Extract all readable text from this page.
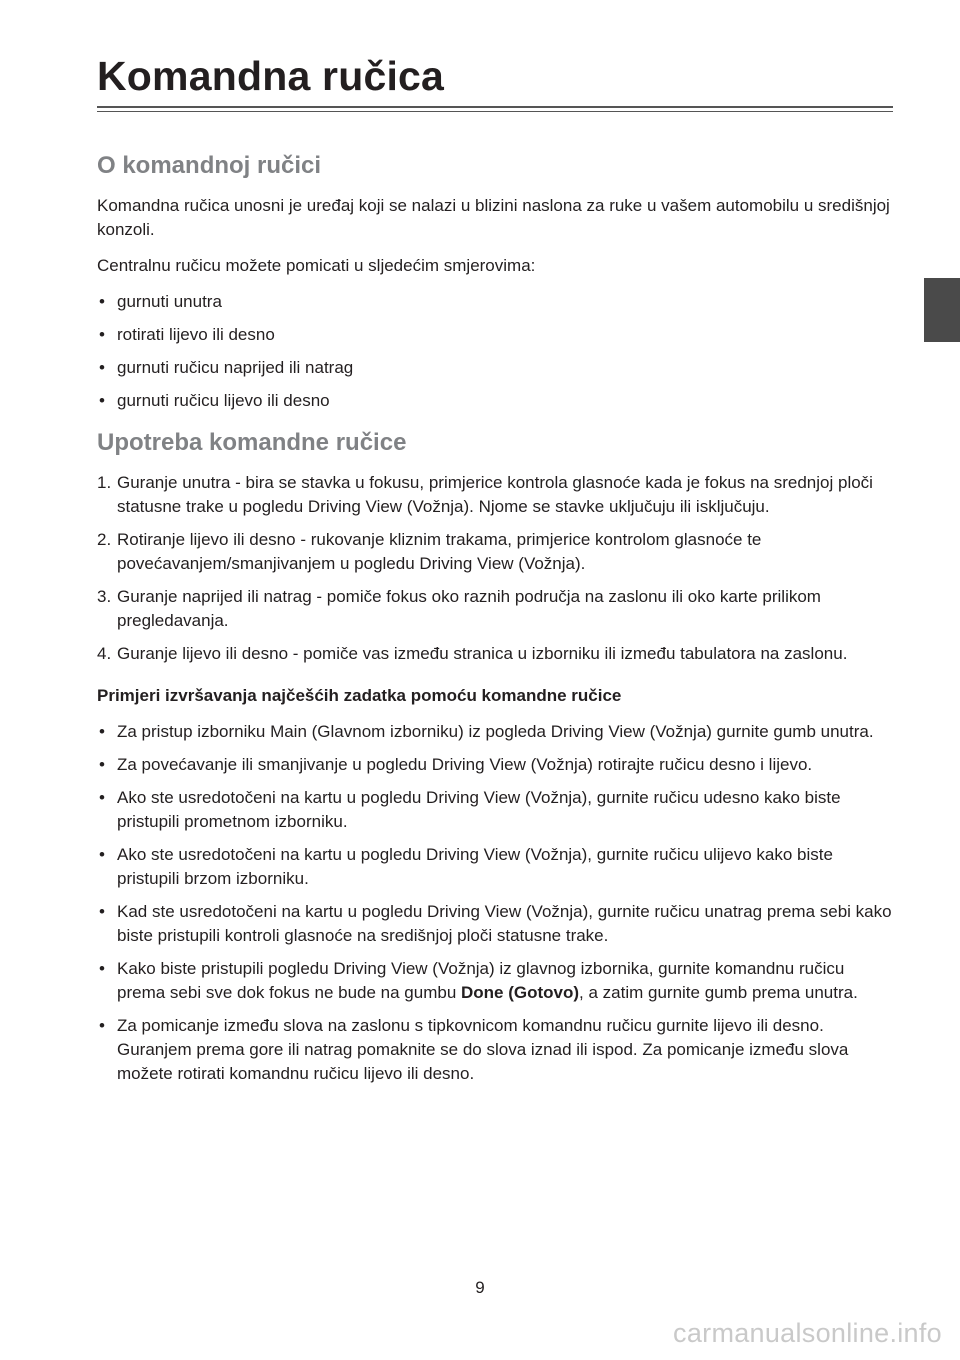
Komandna ručica
O komandnoj ručici

Komandna ručica unosni je uređaj koji se nalazi u blizini naslona za ruke u vašem automobilu u središnjoj konzoli.

Centralnu ručicu možete pomicati u sljedećim smjerovima:

• gurnuti unutra
• rotirati lijevo ili desno
• gurnuti ručicu naprijed ili natrag
• gurnuti ručicu lijevo ili desno
Upotreba komandne ručice
1. Guranje unutra - bira se stavka u fokusu, primjerice kontrola glasnoće kada je fokus na srednjoj ploči statusne trake u pogledu Driving View (Vožnja). Njome se stavke uključuju ili isključuju.
2. Rotiranje lijevo ili desno - rukovanje kliznim trakama, primjerice kontrolom glasnoće te povećavanjem/smanjivanjem u pogledu Driving View (Vožnja).
3. Guranje naprijed ili natrag - pomiče fokus oko raznih područja na zaslonu ili oko karte prilikom pregledavanja.
4. Guranje lijevo ili desno - pomiče vas između stranica u izborniku ili između tabulatora na zaslonu.

Primjeri izvršavanja najčešćih zadatka pomoću komandne ručice

• Za pristup izborniku Main (Glavnom izborniku) iz pogleda Driving View (Vožnja) gurnite gumb unutra.
• Za povećavanje ili smanjivanje u pogledu Driving View (Vožnja) rotirajte ručicu desno i lijevo.
• Ako ste usredotočeni na kartu u pogledu Driving View (Vožnja), gurnite ručicu udesno kako biste pristupili prometnom izborniku.
• Ako ste usredotočeni na kartu u pogledu Driving View (Vožnja), gurnite ručicu ulijevo kako biste pristupili brzom izborniku.
• Kad ste usredotočeni na kartu u pogledu Driving View (Vožnja), gurnite ručicu unatrag prema sebi kako biste pristupili kontroli glasnoće na središnjoj ploči statusne trake.
• Kako biste pristupili pogledu Driving View (Vožnja) iz glavnog izbornika, gurnite komandnu ručicu prema sebi sve dok fokus ne bude na gumbu Done (Gotovo), a zatim gurnite gumb prema unutra.
• Za pomicanje između slova na zaslonu s tipkovnicom komandnu ručicu gurnite lijevo ili desno. Guranjem prema gore ili natrag pomaknite se do slova iznad ili ispod. Za pomicanje između slova možete rotirati komandnu ručicu lijevo ili desno.
9
carmanualsonline.info
